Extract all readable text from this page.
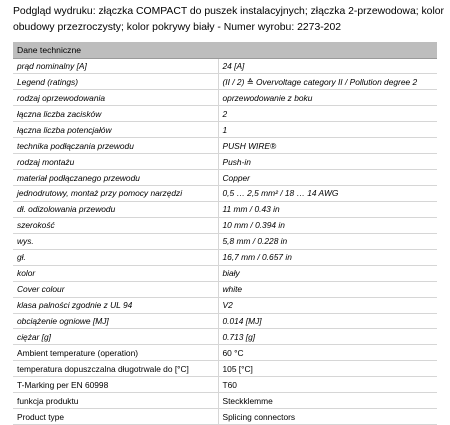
Podgląd wydruku: złączka COMPACT do puszek instalacyjnych; złączka 2-przewodowa; kolor obudowy przezroczysty; kolor pokrywy biały - Numer wyrobu: 2273-202
Dane techniczne	
prąd nominalny [A]	24 [A]
Legend (ratings)	(II / 2) ≙ Overvoltage category II / Pollution degree 2
rodzaj oprzewodowania	oprzewodowanie z boku
łączna liczba zacisków	2
łączna liczba potencjałów	1
technika podłączania przewodu	PUSH WIRE®
rodzaj montażu	Push-in
materiał podłączanego przewodu	Copper
jednodrutowy, montaż przy pomocy narzędzi	0,5 … 2,5 mm² / 18 … 14 AWG
dł. odizolowania przewodu	11 mm / 0.43 in
szerokość	10 mm / 0.394 in
wys.	5,8 mm / 0.228 in
gł.	16,7 mm / 0.657 in
kolor	biały
Cover colour	white
klasa palności zgodnie z UL 94	V2
obciążenie ogniowe [MJ]	0.014 [MJ]
ciężar [g]	0.713 [g]
Ambient temperature (operation)	60 °C
temperatura dopuszczalna długotrwale do [°C]	105 [°C]
T-Marking per EN 60998	T60
funkcja produktu	Steckklemme
Product type	Splicing connectors
